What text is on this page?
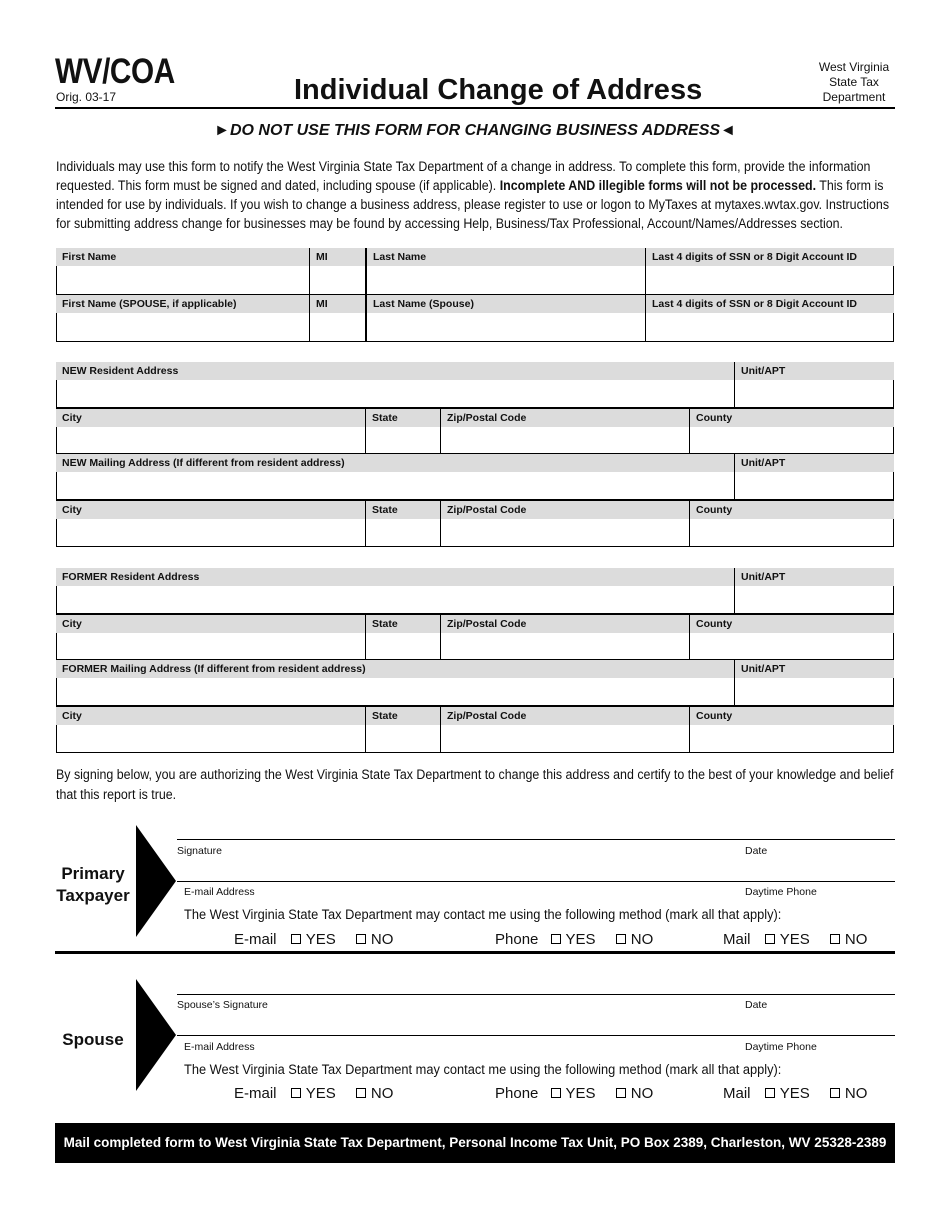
WV/COA
Orig. 03-17	Individual Change of Address
West Virginia
State Tax
Department
►DO NOT USE THIS FORM FOR CHANGING BUSINESS ADDRESS◄
Individuals may use this form to notify the West Virginia State Tax Department of a change in address. To complete this form, provide the information requested. This form must be signed and dated, including spouse (if applicable). Incomplete AND illegible forms will not be processed. This form is intended for use by individuals. If you wish to change a business address, please register to use or logon to MyTaxes at mytaxes.wvtax.gov. Instructions for submitting address change for businesses may be found by accessing Help, Business/Tax Professional, Account/Names/Addresses section.
First Name	MI	Last Name	Last 4 digits of SSN or 8 Digit Account ID
First Name (SPOUSE, if applicable)	MI	Last Name (Spouse)	Last 4 digits of SSN or 8 Digit Account ID
NEW Resident Address	Unit/APT
City	State	Zip/Postal Code	County
NEW Mailing Address (If different from resident address)	Unit/APT
City	State	Zip/Postal Code	County
FORMER Resident Address	Unit/APT
City	State	Zip/Postal Code	County
FORMER Mailing Address (If different from resident address)	Unit/APT
City	State	Zip/Postal Code	County
By signing below, you are authorizing the West Virginia State Tax Department to change this address and certify to the best of your knowledge and belief that this report is true.
Primary
Taxpayer
Signature	Date
E-mail Address	Daytime Phone
The West Virginia State Tax Department may contact me using the following method (mark all that apply):
E-mail YES NO	Phone YES NO	Mail YES NO
Spouse
Spouse’s Signature	Date
E-mail Address	Daytime Phone
The West Virginia State Tax Department may contact me using the following method (mark all that apply):
E-mail YES NO	Phone YES NO	Mail YES NO
Mail completed form to West Virginia State Tax Department, Personal Income Tax Unit, PO Box 2389, Charleston, WV 25328-2389
